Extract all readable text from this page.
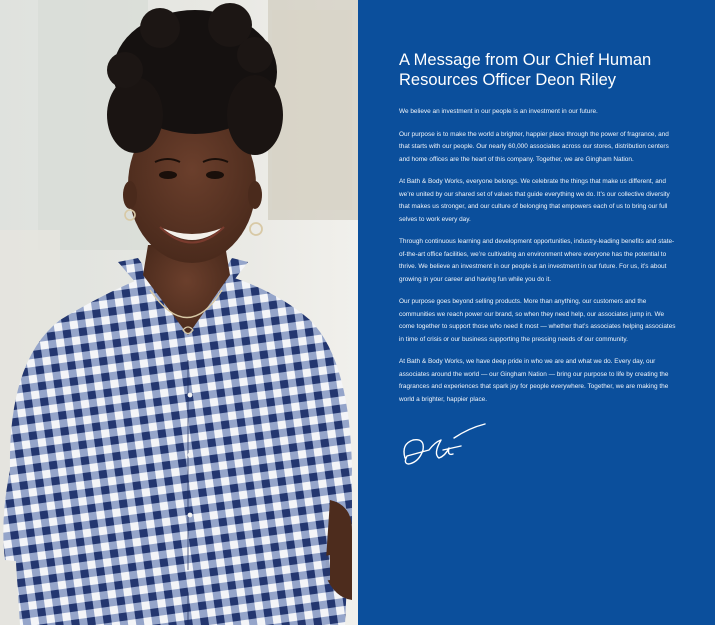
A Message from Our Chief Human Resources Officer Deon Riley

We believe an investment in our people is an investment in our future.

Our purpose is to make the world a brighter, happier place through the power of fragrance, and that starts with our people. Our nearly 60,000 associates across our stores, distribution centers and home offices are the heart of this company. Together, we are Gingham Nation.

At Bath & Body Works, everyone belongs. We celebrate the things that make us different, and we’re united by our shared set of values that guide everything we do. It’s our collective diversity that makes us stronger, and our culture of belonging that empowers each of us to bring our full selves to work every day.

Through continuous learning and development opportunities, industry-leading benefits and state-of-the-art office facilities, we’re cultivating an environment where everyone has the potential to thrive. We believe an investment in our people is an investment in our future. For us, it’s about growing in your career and having fun while you do it.

Our purpose goes beyond selling products. More than anything, our customers and the communities we reach power our brand, so when they need help, our associates jump in. We come together to support those who need it most — whether that’s associates helping associates in time of crisis or our business supporting the pressing needs of our community.

At Bath & Body Works, we have deep pride in who we are and what we do. Every day, our associates around the world — our Gingham Nation — bring our purpose to life by creating the fragrances and experiences that spark joy for people everywhere. Together, we are making the world a brighter, happier place.
